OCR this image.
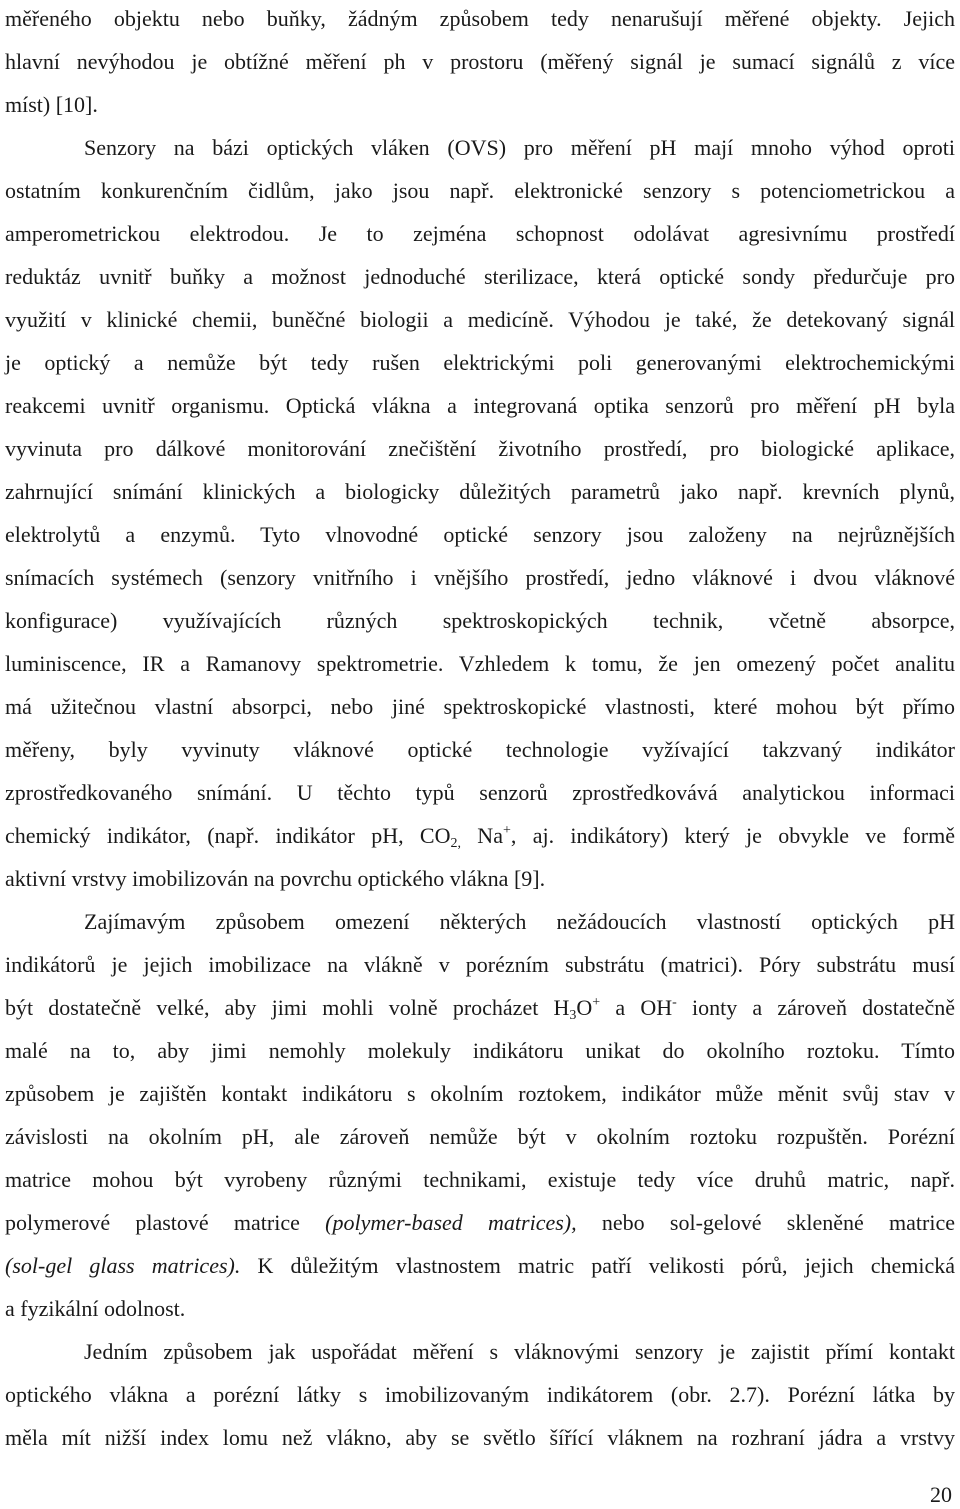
měřeného objektu nebo buňky, žádným způsobem tedy nenarušují měřené objekty. Jejich
hlavní nevýhodou je obtížné měření ph v prostoru (měřený signál je sumací signálů z více
míst) [10].
Senzory na bázi optických vláken (OVS) pro měření pH mají mnoho výhod oproti
ostatním konkurenčním čidlům, jako jsou např. elektronické senzory s potenciometrickou a
amperometrickou elektrodou. Je to zejména schopnost odolávat agresivnímu prostředí
reduktáz uvnitř buňky a možnost jednoduché sterilizace, která optické sondy předurčuje pro
využití v klinické chemii, buněčné biologii a medicíně. Výhodou je také, že detekovaný signál
je optický a nemůže být tedy rušen elektrickými poli generovanými elektrochemickými
reakcemi uvnitř organismu. Optická vlákna a integrovaná optika senzorů pro měření pH byla
vyvinuta pro dálkové monitorování znečištění životního prostředí, pro biologické aplikace,
zahrnující snímání klinických a biologicky důležitých parametrů jako např. krevních plynů,
elektrolytů a enzymů. Tyto vlnovodné optické senzory jsou založeny na nejrůznějších
snímacích systémech (senzory vnitřního i vnějšího prostředí, jedno vláknové i dvou vláknové
konfigurace) využívajících různých spektroskopických technik, včetně absorpce,
luminiscence, IR a Ramanovy spektrometrie. Vzhledem k tomu, že jen omezený počet analitu
má užitečnou vlastní absorpci, nebo jiné spektroskopické vlastnosti, které mohou být přímo
měřeny, byly vyvinuty vláknové optické technologie vyžívající takzvaný indikátor
zprostředkovaného snímání. U těchto typů senzorů zprostředkovává analytickou informaci
chemický indikátor, (např. indikátor pH, $CO_{2,}$ Na+, aj. indikátory) který je obvykle ve formě
aktivní vrstvy imobilizován na povrchu optického vlákna [9].
Zajímavým způsobem omezení některých nežádoucích vlastností optických pH
indikátorů je jejich imobilizace na vlákně v porézním substrátu (matrici). Póry substrátu musí
být dostatečně velké, aby jimi mohli volně procházet $H_3O^+$ a OH- ionty a zároveň dostatečně
malé na to, aby jimi nemohly molekuly indikátoru unikat do okolního roztoku. Tímto
způsobem je zajištěn kontakt indikátoru s okolním roztokem, indikátor může měnit svůj stav v
závislosti na okolním pH, ale zároveň nemůže být v okolním roztoku rozpuštěn. Porézní
matrice mohou být vyrobeny různými technikami, existuje tedy více druhů matric, např.
polymerové plastové matrice (polymer-based matrices), nebo sol-gelové skleněné matrice
(sol-gel glass matrices). K důležitým vlastnostem matric patří velikosti pórů, jejich chemická
a fyzikální odolnost.
Jedním způsobem jak uspořádat měření s vláknovými senzory je zajistit přímí kontakt
optického vlákna a porézní látky s imobilizovaným indikátorem (obr. 2.7). Porézní látka by
měla mít nižší index lomu než vlákno, aby se světlo šířící vláknem na rozhraní jádra a vrstvy
20
